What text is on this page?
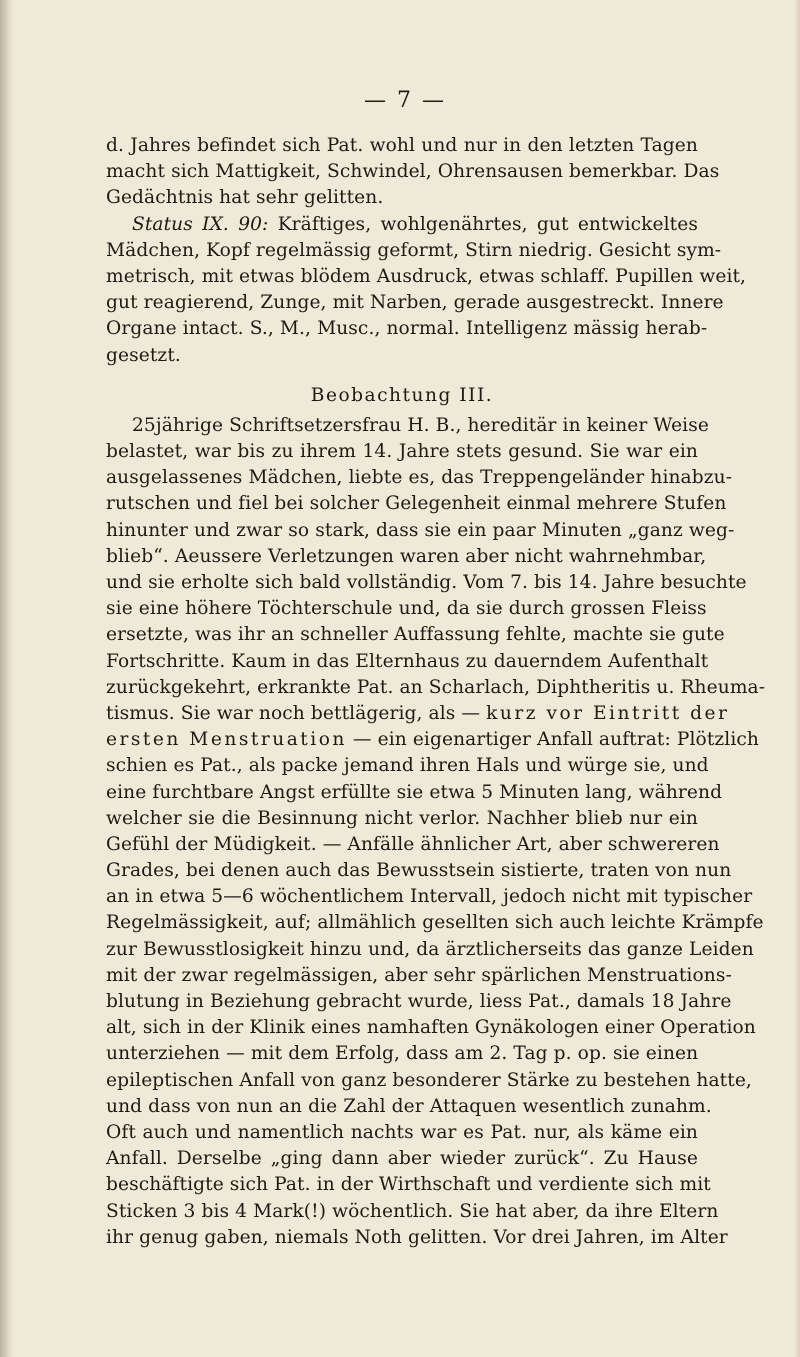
— 7 —
d. Jahres befindet sich Pat. wohl und nur in den letzten Tagen
macht sich Mattigkeit, Schwindel, Ohrensausen bemerkbar. Das
Gedächtnis hat sehr gelitten.
Status IX. 90: Kräftiges, wohlgenährtes, gut entwickeltes
Mädchen, Kopf regelmässig geformt, Stirn niedrig. Gesicht sym-
metrisch, mit etwas blödem Ausdruck, etwas schlaff. Pupillen weit,
gut reagierend, Zunge, mit Narben, gerade ausgestreckt. Innere
Organe intact. S., M., Musc., normal. Intelligenz mässig herab-
gesetzt.
Beobachtung III.
25jährige Schriftsetzersfrau H. B., hereditär in keiner Weise
belastet, war bis zu ihrem 14. Jahre stets gesund. Sie war ein
ausgelassenes Mädchen, liebte es, das Treppengeländer hinabzu-
rutschen und fiel bei solcher Gelegenheit einmal mehrere Stufen
hinunter und zwar so stark, dass sie ein paar Minuten „ganz weg-
blieb“. Aeussere Verletzungen waren aber nicht wahrnehmbar,
und sie erholte sich bald vollständig. Vom 7. bis 14. Jahre besuchte
sie eine höhere Töchterschule und, da sie durch grossen Fleiss
ersetzte, was ihr an schneller Auffassung fehlte, machte sie gute
Fortschritte. Kaum in das Elternhaus zu dauerndem Aufenthalt
zurückgekehrt, erkrankte Pat. an Scharlach, Diphtheritis u. Rheuma-
tismus. Sie war noch bettlägerig, als — kurz vor Eintritt der
ersten Menstruation — ein eigenartiger Anfall auftrat: Plötzlich
schien es Pat., als packe jemand ihren Hals und würge sie, und
eine furchtbare Angst erfüllte sie etwa 5 Minuten lang, während
welcher sie die Besinnung nicht verlor. Nachher blieb nur ein
Gefühl der Müdigkeit. — Anfälle ähnlicher Art, aber schwereren
Grades, bei denen auch das Bewusstsein sistierte, traten von nun
an in etwa 5—6 wöchentlichem Intervall, jedoch nicht mit typischer
Regelmässigkeit, auf; allmählich gesellten sich auch leichte Krämpfe
zur Bewusstlosigkeit hinzu und, da ärztlicherseits das ganze Leiden
mit der zwar regelmässigen, aber sehr spärlichen Menstruations-
blutung in Beziehung gebracht wurde, liess Pat., damals 18 Jahre
alt, sich in der Klinik eines namhaften Gynäkologen einer Operation
unterziehen — mit dem Erfolg, dass am 2. Tag p. op. sie einen
epileptischen Anfall von ganz besonderer Stärke zu bestehen hatte,
und dass von nun an die Zahl der Attaquen wesentlich zunahm.
Oft auch und namentlich nachts war es Pat. nur, als käme ein
Anfall. Derselbe „ging dann aber wieder zurück“. Zu Hause
beschäftigte sich Pat. in der Wirthschaft und verdiente sich mit
Sticken 3 bis 4 Mark(!) wöchentlich. Sie hat aber, da ihre Eltern
ihr genug gaben, niemals Noth gelitten. Vor drei Jahren, im Alter
